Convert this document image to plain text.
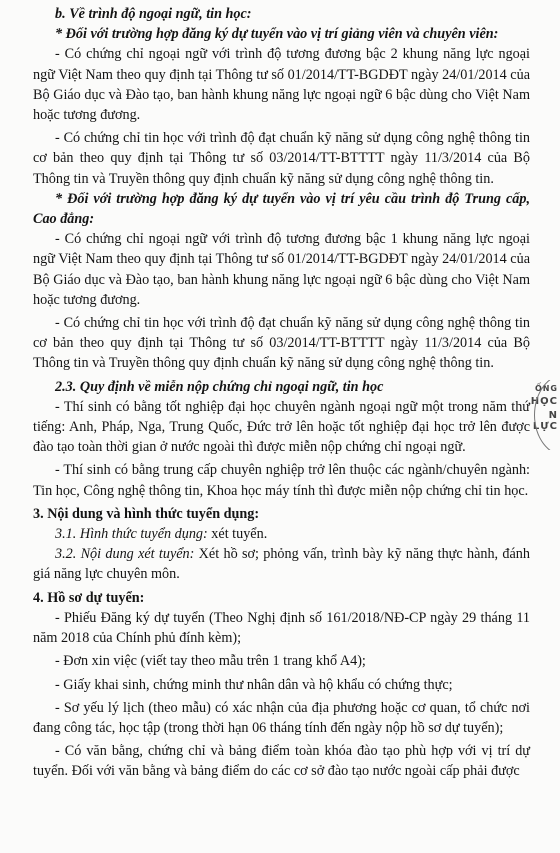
b. Về trình độ ngoại ngữ, tin học:

* Đối với trường hợp đăng ký dự tuyển vào vị trí giảng viên và chuyên viên:

- Có chứng chỉ ngoại ngữ với trình độ tương đương bậc 2 khung năng lực ngoại ngữ Việt Nam theo quy định tại Thông tư số 01/2014/TT-BGDĐT ngày 24/01/2014 của Bộ Giáo dục và Đào tạo, ban hành khung năng lực ngoại ngữ 6 bậc dùng cho Việt Nam hoặc tương đương.

- Có chứng chỉ tin học với trình độ đạt chuẩn kỹ năng sử dụng công nghệ thông tin cơ bản theo quy định tại Thông tư số 03/2014/TT-BTTTT ngày 11/3/2014 của Bộ Thông tin và Truyền thông quy định chuẩn kỹ năng sử dụng công nghệ thông tin.

* Đối với trường hợp đăng ký dự tuyển vào vị trí yêu cầu trình độ Trung cấp, Cao đẳng:

- Có chứng chỉ ngoại ngữ với trình độ tương đương bậc 1 khung năng lực ngoại ngữ Việt Nam theo quy định tại Thông tư số 01/2014/TT-BGDĐT ngày 24/01/2014 của Bộ Giáo dục và Đào tạo, ban hành khung năng lực ngoại ngữ 6 bậc dùng cho Việt Nam hoặc tương đương.

- Có chứng chỉ tin học với trình độ đạt chuẩn kỹ năng sử dụng công nghệ thông tin cơ bản theo quy định tại Thông tư số 03/2014/TT-BTTTT ngày 11/3/2014 của Bộ Thông tin và Truyền thông quy định chuẩn kỹ năng sử dụng công nghệ thông tin.

2.3. Quy định về miễn nộp chứng chỉ ngoại ngữ, tin học

- Thí sinh có bằng tốt nghiệp đại học chuyên ngành ngoại ngữ một trong năm thứ tiếng: Anh, Pháp, Nga, Trung Quốc, Đức trở lên hoặc tốt nghiệp đại học trở lên được đào tạo toàn thời gian ở nước ngoài thì được miễn nộp chứng chỉ ngoại ngữ.

- Thí sinh có bằng trung cấp chuyên nghiệp trở lên thuộc các ngành/chuyên ngành: Tin học, Công nghệ thông tin, Khoa học máy tính thì được miễn nộp chứng chỉ tin học.

3. Nội dung và hình thức tuyển dụng:

3.1. Hình thức tuyển dụng: xét tuyển.

3.2. Nội dung xét tuyển: Xét hồ sơ; phỏng vấn, trình bày kỹ năng thực hành, đánh giá năng lực chuyên môn.

4. Hồ sơ dự tuyển:

- Phiếu Đăng ký dự tuyển (Theo Nghị định số 161/2018/NĐ-CP ngày 29 tháng 11 năm 2018 của Chính phủ đính kèm);

- Đơn xin việc (viết tay theo mẫu trên 1 trang khổ A4);

- Giấy khai sinh, chứng minh thư nhân dân và hộ khẩu có chứng thực;

- Sơ yếu lý lịch (theo mẫu) có xác nhận của địa phương hoặc cơ quan, tổ chức nơi đang công tác, học tập (trong thời hạn 06 tháng tính đến ngày nộp hồ sơ dự tuyển);

- Có văn bằng, chứng chỉ và bảng điểm toàn khóa đào tạo phù hợp với vị trí dự tuyển. Đối với văn bằng và bảng điểm do các cơ sở đào tạo nước ngoài cấp phải được

ỐNG
HỌC
N LỰC
